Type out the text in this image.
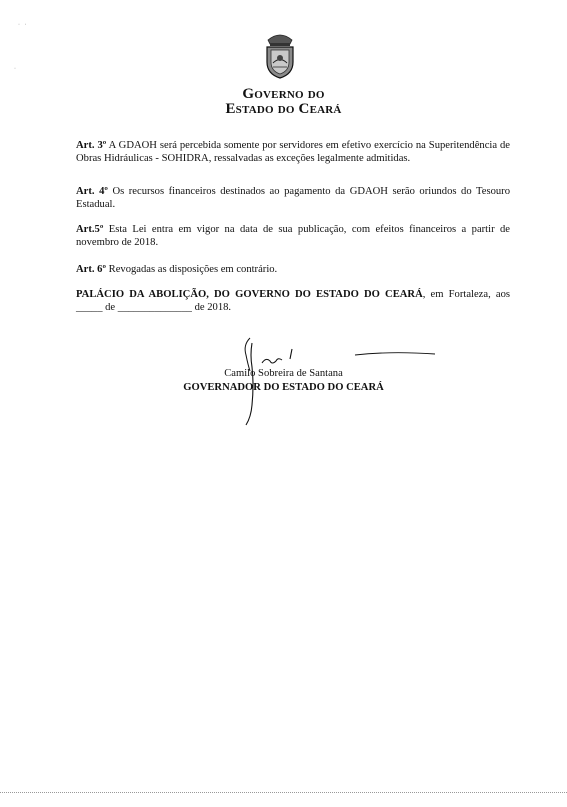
·   ·
·
Governo do
Estado do Ceará
Art. 3º A GDAOH será percebida somente por servidores em efetivo exercício na Superitendência de Obras Hidráulicas - SOHIDRA, ressalvadas as exceções legalmente admitidas.
Art. 4º Os recursos financeiros destinados ao pagamento da GDAOH serão oriundos do Tesouro Estadual.
Art.5º Esta Lei entra em vigor na data de sua publicação, com efeitos financeiros a partir de novembro de 2018.
Art. 6º Revogadas as disposições em contrário.
PALÁCIO DA ABOLIÇÃO, DO GOVERNO DO ESTADO DO CEARÁ, em Fortaleza, aos _____ de ______________ de 2018.
Camilo Sobreira de Santana
GOVERNADOR DO ESTADO DO CEARÁ
